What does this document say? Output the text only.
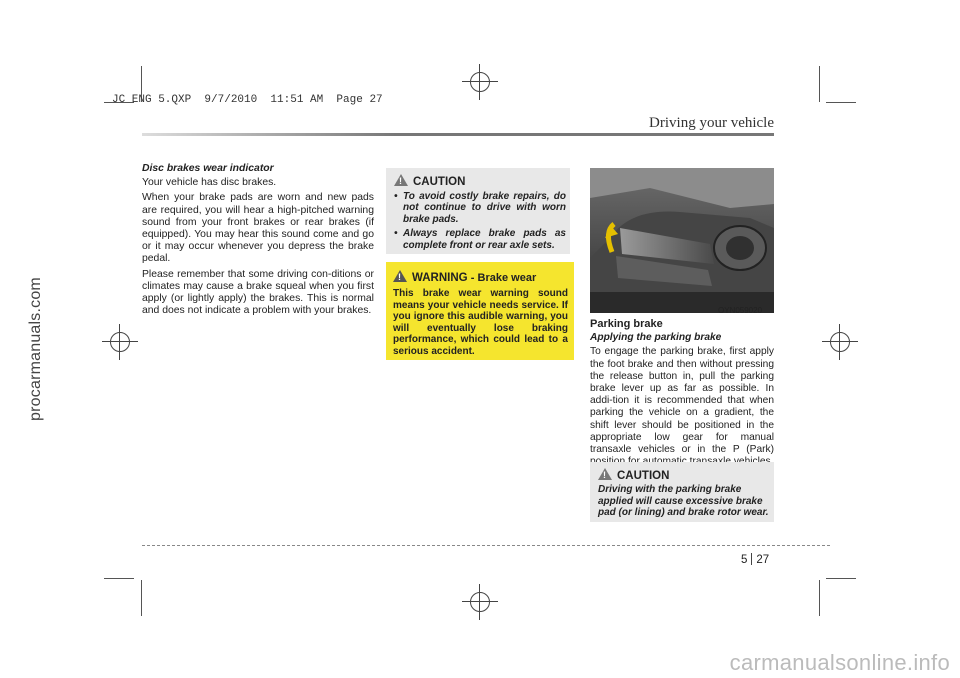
JC ENG 5.QXP  9/7/2010  11:51 AM  Page 27
procarmanuals.com
carmanualsonline.info
Driving your vehicle
Disc brakes wear indicator

Your vehicle has disc brakes.

When your brake pads are worn and new pads are required, you will hear a high-pitched warning sound from your front brakes or rear brakes (if equipped). You may hear this sound come and go or it may occur whenever you depress the brake pedal.

Please remember that some driving con-ditions or climates may cause a brake squeal when you first apply (or lightly apply) the brakes. This is normal and does not indicate a problem with your brakes.

!CAUTION
• To avoid costly brake repairs, do not continue to drive with worn brake pads.
• Always replace brake pads as complete front or rear axle sets.
!WARNING - Brake wear
This brake wear warning sound means your vehicle needs service. If you ignore this audible warning, you will eventually lose braking performance, which could lead to a serious accident.
OYN059020
Parking brake
Applying the parking brake

To engage the parking brake, first apply the foot brake and then without pressing the release button in, pull the parking brake lever up as far as possible. In addi-tion it is recommended that when parking the vehicle on a gradient, the shift lever should be positioned in the appropriate low gear for manual transaxle vehicles or in the P (Park)

!CAUTION
Driving with the parking brake applied will cause excessive brake pad (or lining) and brake rotor wear.
5 27
